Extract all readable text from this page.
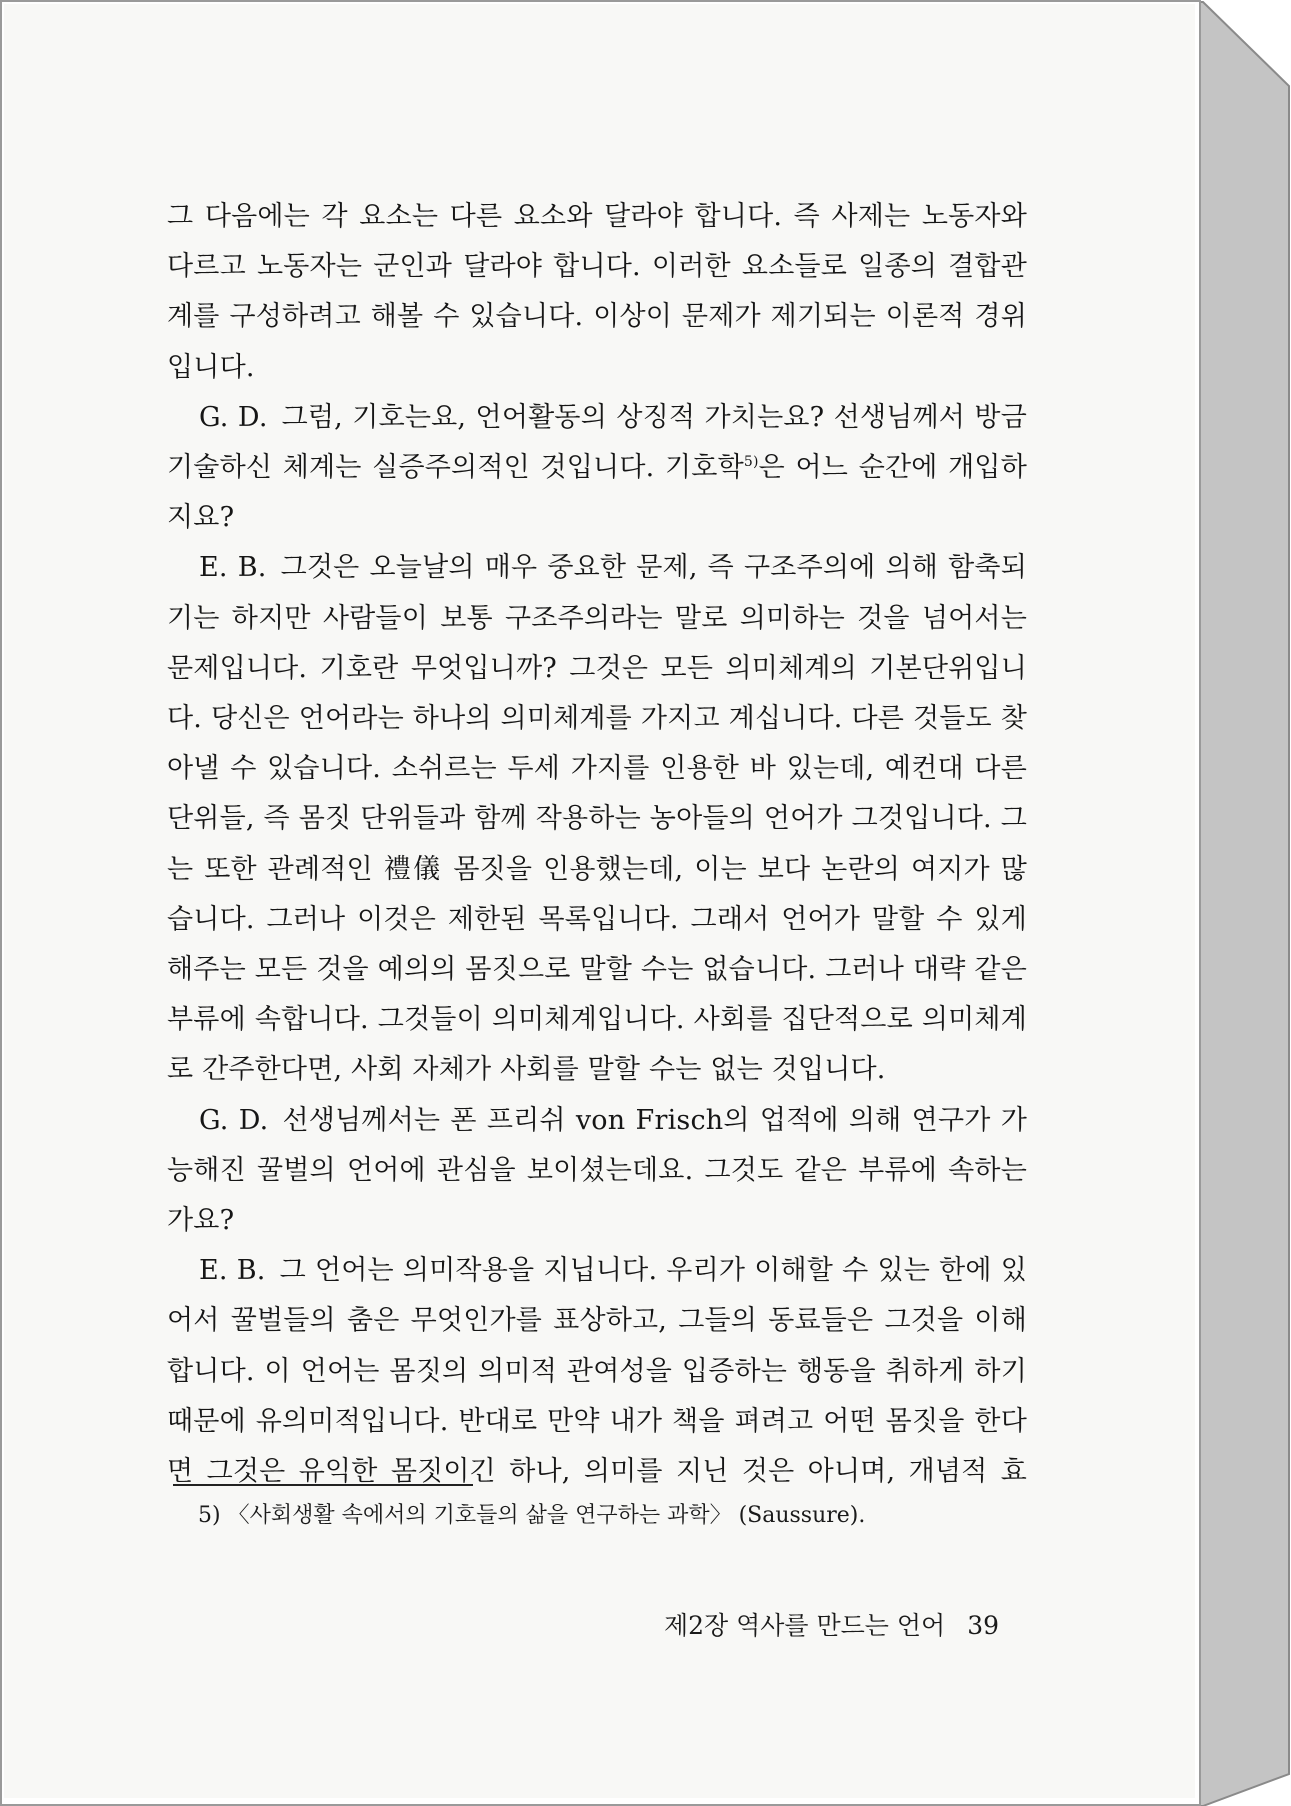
그 다음에는 각 요소는 다른 요소와 달라야 합니다. 즉 사제는 노동자와 다르고 노동자는 군인과 달라야 합니다. 이러한 요소들로 일종의 결합관계를 구성하려고 해볼 수 있습니다. 이상이 문제가 제기되는 이론적 경위입니다.

G. D. 그럼, 기호는요, 언어활동의 상징적 가치는요? 선생님께서 방금 기술하신 체계는 실증주의적인 것입니다. 기호학$^{5)}$은 어느 순간에 개입하지요?

E. B. 그것은 오늘날의 매우 중요한 문제, 즉 구조주의에 의해 함축되기는 하지만 사람들이 보통 구조주의라는 말로 의미하는 것을 넘어서는 문제입니다. 기호란 무엇입니까? 그것은 모든 의미체계의 기본단위입니다. 당신은 언어라는 하나의 의미체계를 가지고 계십니다. 다른 것들도 찾아낼 수 있습니다. 소쉬르는 두세 가지를 인용한 바 있는데, 예컨대 다른 단위들, 즉 몸짓 단위들과 함께 작용하는 농아들의 언어가 그것입니다. 그는 또한 관례적인 禮儀 몸짓을 인용했는데, 이는 보다 논란의 여지가 많습니다. 그러나 이것은 제한된 목록입니다. 그래서 언어가 말할 수 있게 해주는 모든 것을 예의의 몸짓으로 말할 수는 없습니다. 그러나 대략 같은 부류에 속합니다. 그것들이 의미체계입니다. 사회를 집단적으로 의미체계로 간주한다면, 사회 자체가 사회를 말할 수는 없는 것입니다.

G. D. 선생님께서는 폰 프리쉬 von Frisch의 업적에 의해 연구가 가능해진 꿀벌의 언어에 관심을 보이셨는데요. 그것도 같은 부류에 속하는 가요?

E. B. 그 언어는 의미작용을 지닙니다. 우리가 이해할 수 있는 한에 있어서 꿀벌들의 춤은 무엇인가를 표상하고, 그들의 동료들은 그것을 이해합니다. 이 언어는 몸짓의 의미적 관여성을 입증하는 행동을 취하게 하기 때문에 유의미적입니다. 반대로 만약 내가 책을 펴려고 어떤 몸짓을 한다면 그것은 유익한 몸짓이긴 하나, 의미를 지닌 것은 아니며, 개념적 효

5) 〈사회생활 속에서의 기호들의 삶을 연구하는 과학〉 (Saussure).
제2장 역사를 만드는 언어 39
